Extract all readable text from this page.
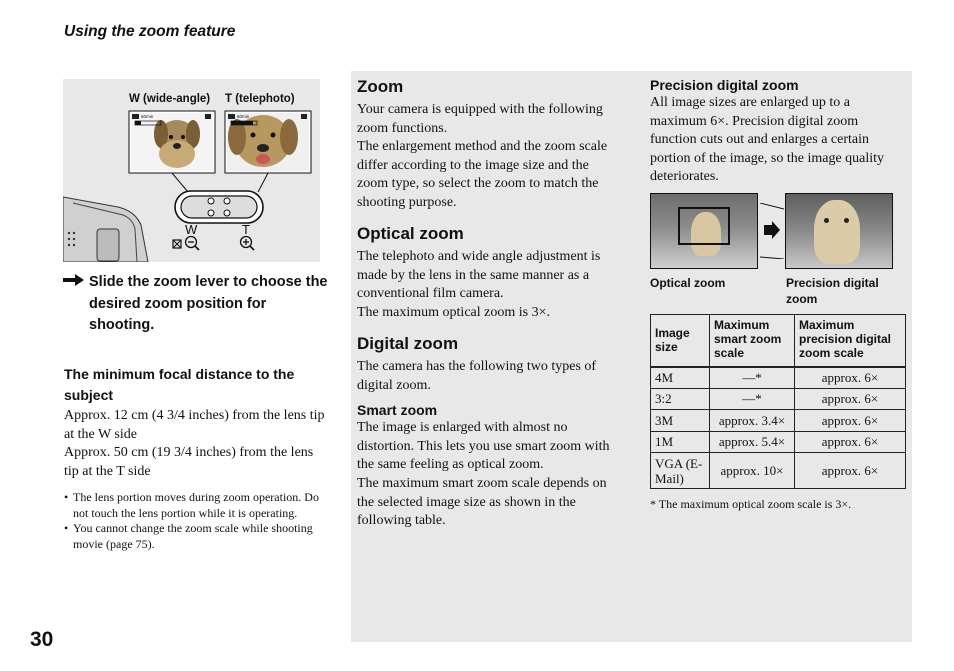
Using the zoom feature
W (wide-angle) T (telephoto)
60min	60min
W	T
Slide the zoom lever to choose the desired zoom position for shooting.
The minimum focal distance to the subject
Approx. 12 cm (4 3/4 inches) from the lens tip at the W side
Approx. 50 cm (19 3/4 inches) from the lens tip at the T side
• The lens portion moves during zoom operation. Do not touch the lens portion while it is operating.
• You cannot change the zoom scale while shooting movie (page 75).
Zoom
Your camera is equipped with the following zoom functions.
The enlargement method and the zoom scale differ according to the image size and the zoom type, so select the zoom to match the shooting purpose.
Optical zoom
The telephoto and wide angle adjustment is made by the lens in the same manner as a conventional film camera.
The maximum optical zoom is 3×.
Digital zoom
The camera has the following two types of digital zoom.
Smart zoom
The image is enlarged with almost no distortion. This lets you use smart zoom with the same feeling as optical zoom.
The maximum smart zoom scale depends on the selected image size as shown in the following table.
Precision digital zoom
All image sizes are enlarged up to a maximum 6×. Precision digital zoom function cuts out and enlarges a certain portion of the image, so the image quality deteriorates.
Optical zoom	Precision digital zoom
Image size	Maximum smart zoom scale	Maximum precision digital zoom scale
4M	—*	approx. 6×
3:2	—*	approx. 6×
3M	approx. 3.4×	approx. 6×
1M	approx. 5.4×	approx. 6×
VGA (E-Mail)	approx. 10×	approx. 6×
* The maximum optical zoom scale is 3×.
30
